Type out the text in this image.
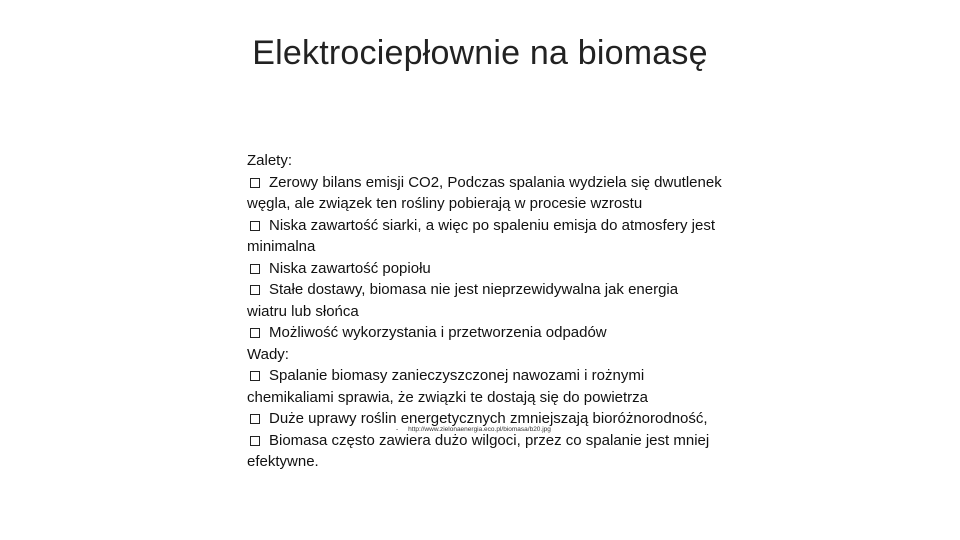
Elektrociepłownie na biomasę
Zalety:
Zerowy bilans emisji CO2, Podczas spalania wydziela się dwutlenek
węgla, ale związek ten rośliny pobierają w procesie wzrostu
Niska zawartość siarki, a więc po spaleniu emisja do atmosfery jest
minimalna
Niska zawartość popiołu
Stałe dostawy, biomasa nie jest nieprzewidywalna jak energia
wiatru lub słońca
Możliwość wykorzystania i przetworzenia odpadów
Wady:
Spalanie biomasy zanieczyszczonej nawozami i rożnymi
chemikaliami sprawia, że związki te dostają się do powietrza
Duże uprawy roślin energetycznych zmniejszają bioróżnorodność,
Biomasa często zawiera dużo wilgoci, przez co spalanie jest mniej
efektywne.
- http://www.zielonaenergia.eco.pl/biomasa/b20.jpg
